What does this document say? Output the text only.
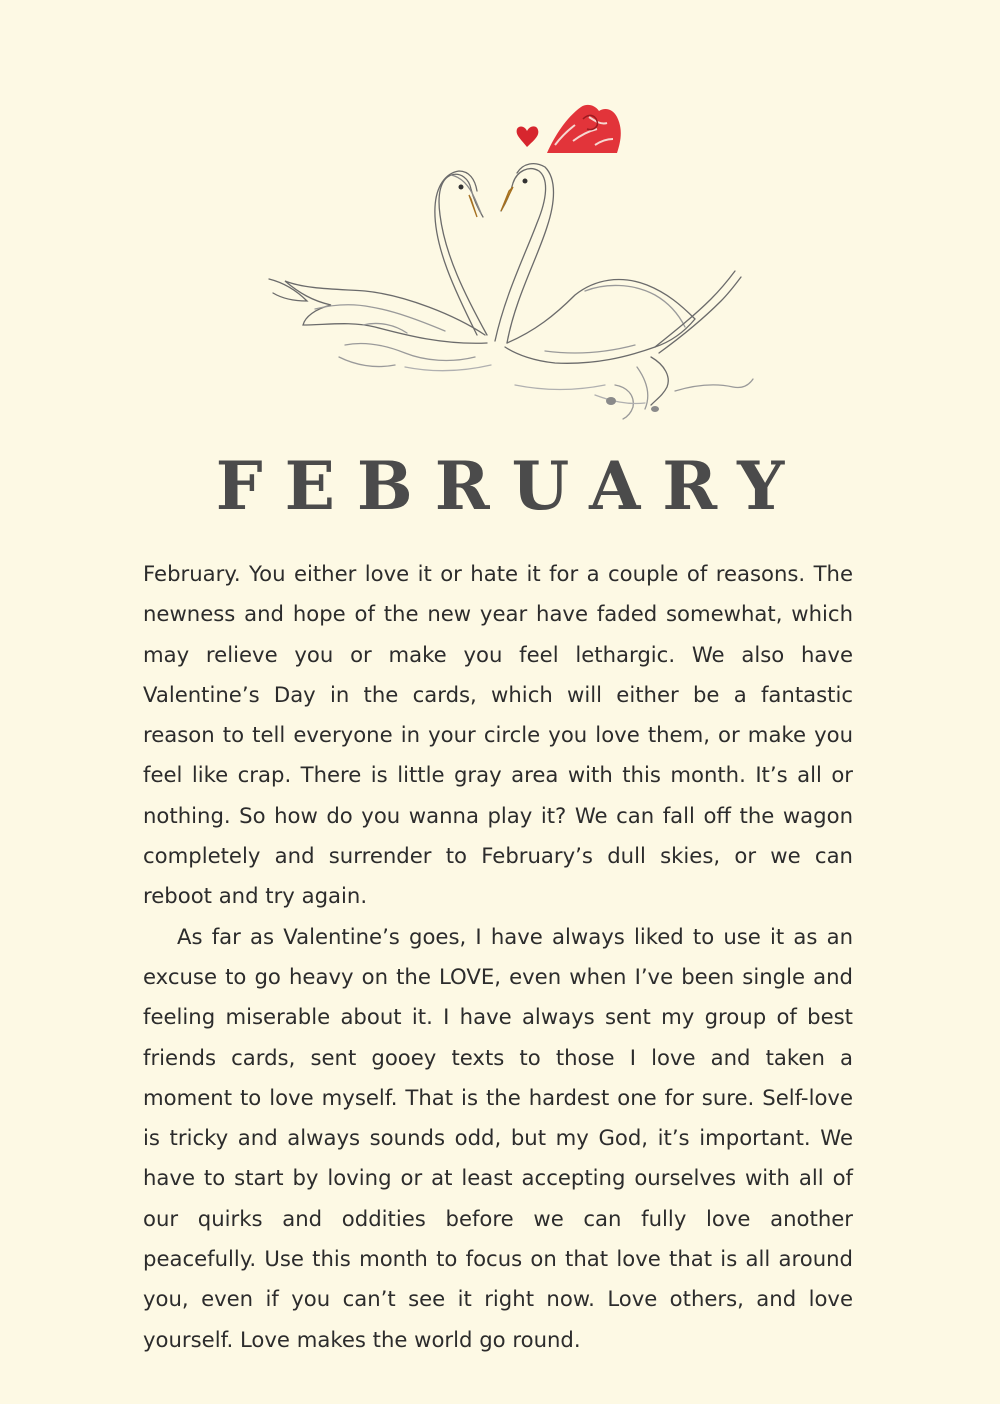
FEBRUARY

February. You either love it or hate it for a couple of reasons. The newness and hope of the new year have faded somewhat, which may relieve you or make you feel lethargic. We also have Valentine’s Day in the cards, which will either be a fantastic reason to tell everyone in your circle you love them, or make you feel like crap. There is little gray area with this month. It’s all or nothing. So how do you wanna play it? We can fall off the wagon completely and surrender to February’s dull skies, or we can reboot and try again.

As far as Valentine’s goes, I have always liked to use it as an excuse to go heavy on the LOVE, even when I’ve been single and feeling miserable about it. I have always sent my group of best friends cards, sent gooey texts to those I love and taken a moment to love myself. That is the hardest one for sure. Self-love is tricky and always sounds odd, but my God, it’s important. We have to start by loving or at least accepting ourselves with all of our quirks and oddities before we can fully love another peacefully. Use this month to focus on that love that is all around you, even if you can’t see it right now. Love others, and love yourself. Love makes the world go round.
